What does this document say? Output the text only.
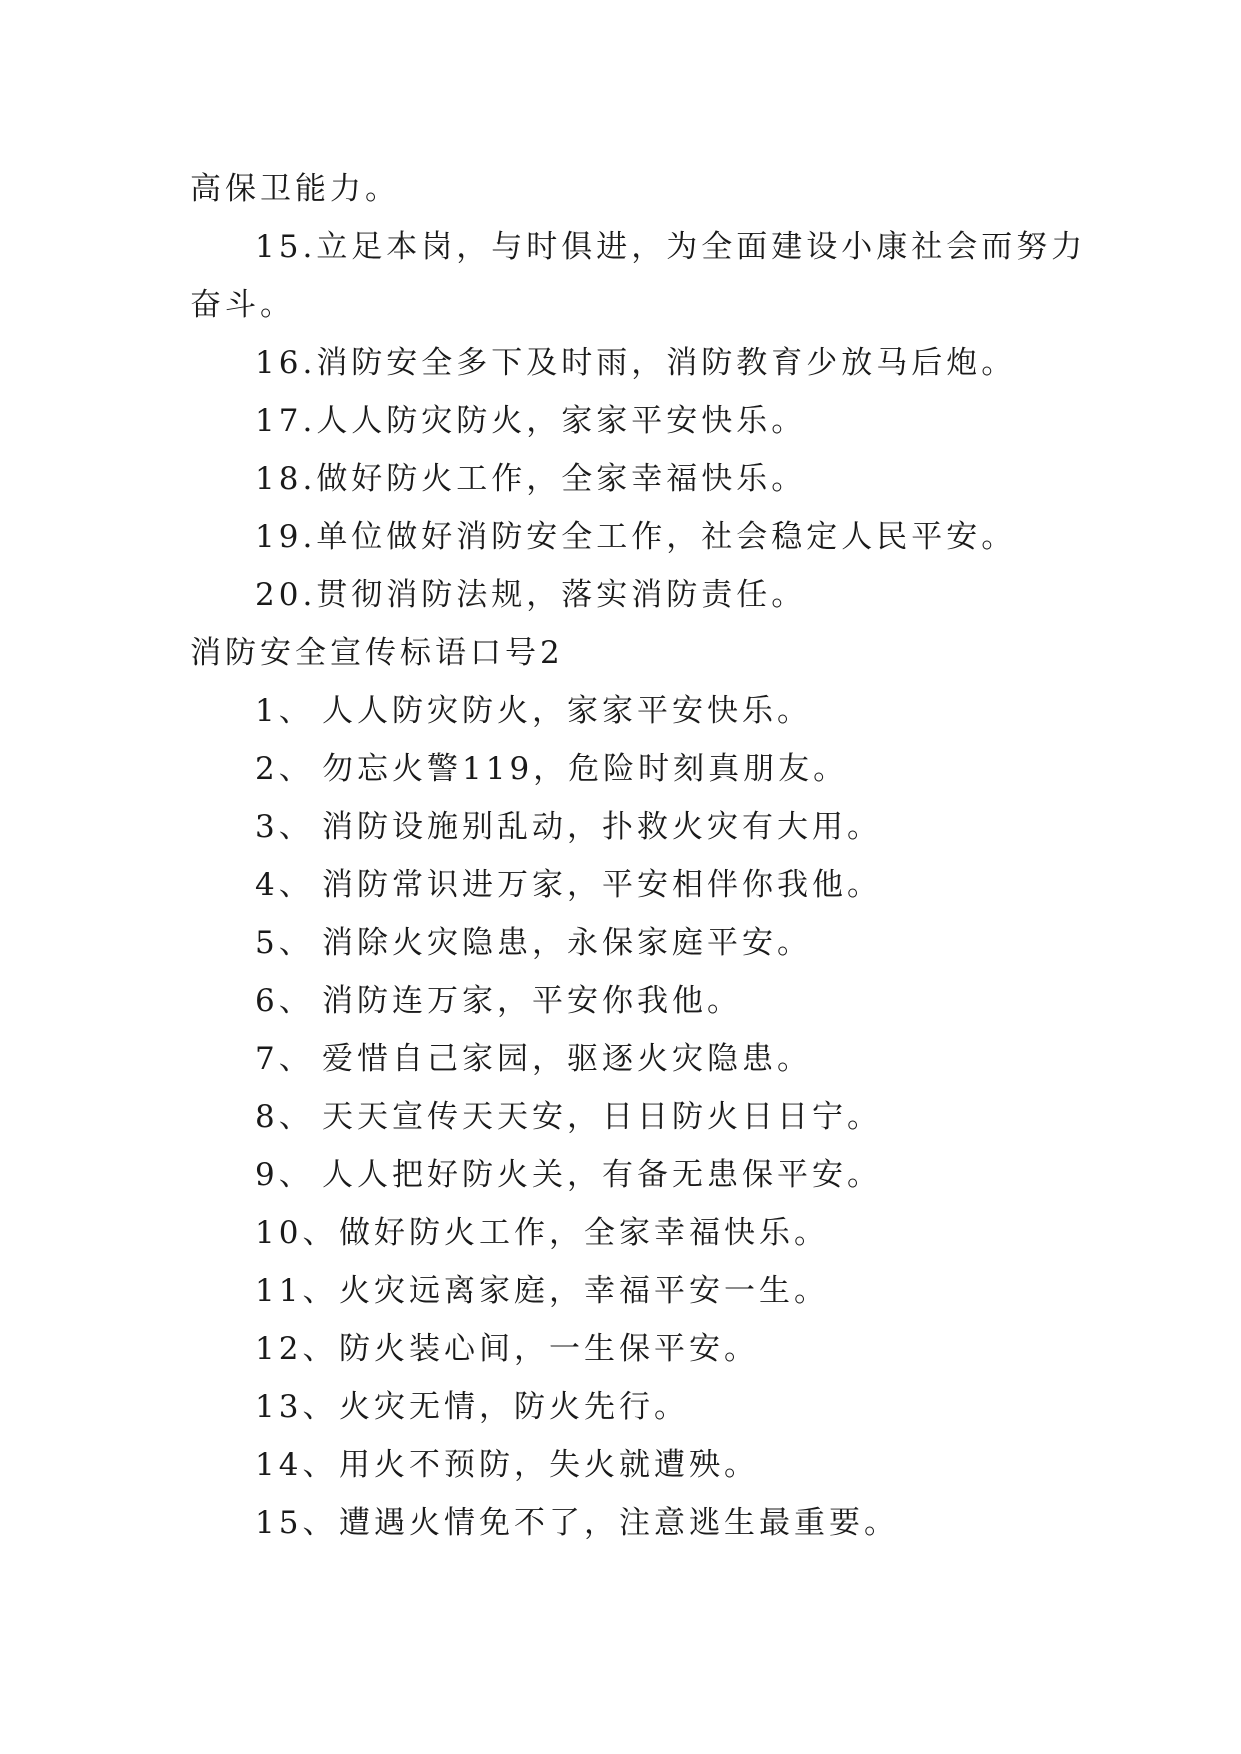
高保卫能力。
15.立足本岗，与时俱进，为全面建设小康社会而努力
奋斗。
16.消防安全多下及时雨，消防教育少放马后炮。
17.人人防灾防火，家家平安快乐。
18.做好防火工作，全家幸福快乐。
19.单位做好消防安全工作，社会稳定人民平安。
20.贯彻消防法规，落实消防责任。
消防安全宣传标语口号2
1、 人人防灾防火，家家平安快乐。
2、 勿忘火警119，危险时刻真朋友。
3、 消防设施别乱动，扑救火灾有大用。
4、 消防常识进万家，平安相伴你我他。
5、 消除火灾隐患，永保家庭平安。
6、 消防连万家，平安你我他。
7、 爱惜自己家园，驱逐火灾隐患。
8、 天天宣传天天安，日日防火日日宁。
9、 人人把好防火关，有备无患保平安。
10、做好防火工作，全家幸福快乐。
11、火灾远离家庭，幸福平安一生。
12、防火装心间，一生保平安。
13、火灾无情，防火先行。
14、用火不预防，失火就遭殃。
15、遭遇火情免不了，注意逃生最重要。
